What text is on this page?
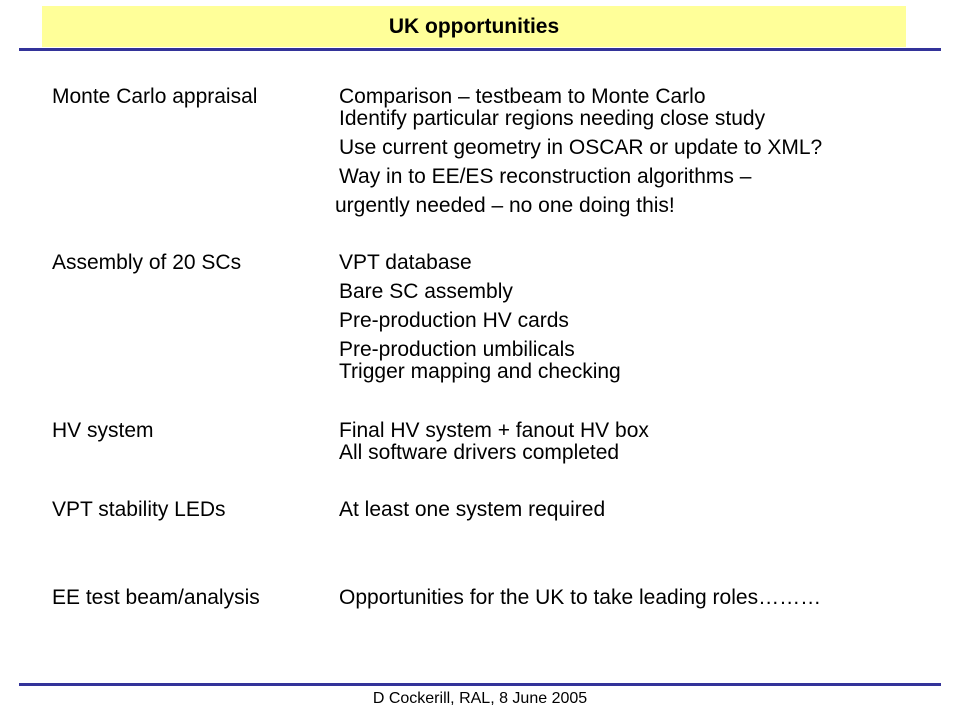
UK opportunities
Monte Carlo appraisal	Comparison – testbeam to Monte Carlo
Identify particular regions needing close study
Use current geometry in OSCAR or update to XML?
Way in to EE/ES reconstruction algorithms –
urgently needed – no one doing this!
Assembly of 20 SCs	VPT database
Bare SC assembly
Pre-production HV cards
Pre-production umbilicals
Trigger mapping and checking
HV system	Final HV system + fanout HV box
All software drivers completed
VPT stability LEDs	At least one system required
EE test beam/analysis	Opportunities for the UK to take leading roles………
D Cockerill, RAL, 8 June 2005
